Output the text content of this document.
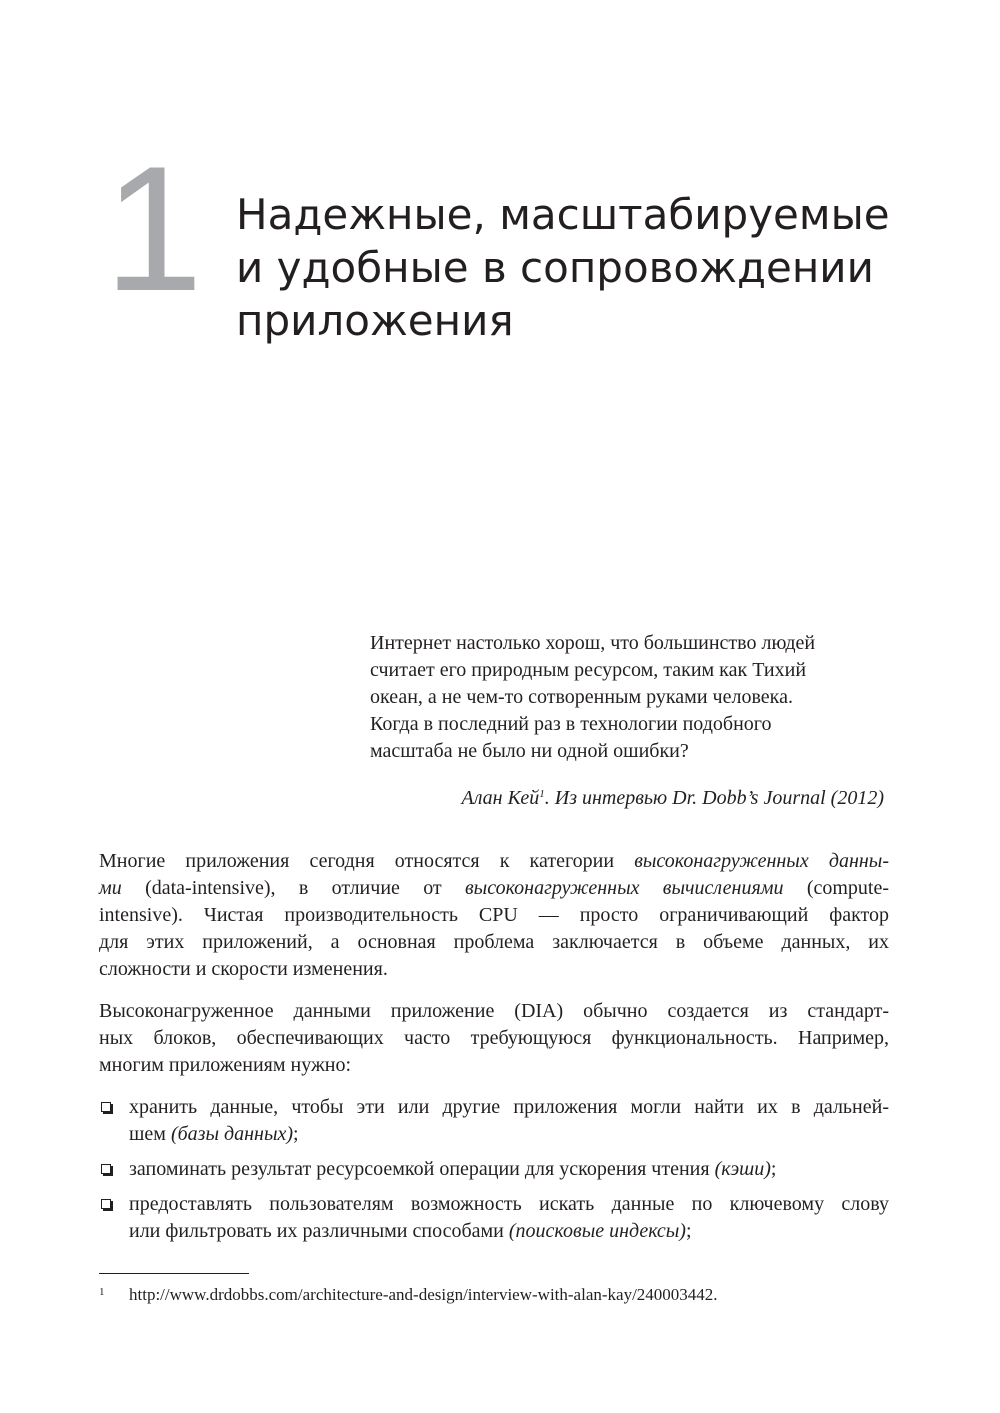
1 Надежные, масштабируемые
и удобные в сопровождении
приложения
Интернет настолько хорош, что большинство людей
считает его природным ресурсом, таким как Тихий
океан, а не чем-то сотворенным руками человека.
Когда в последний раз в технологии подобного
масштаба не было ни одной ошибки?
Алан Кей$^1$. Из интервью Dr. Dobb’s Journal (2012)
Многие приложения сегодня относятся к категории высоконагруженных данны-
ми (data-intensive), в отличие от высоконагруженных вычислениями (compute-
intensive). Чистая производительность CPU — просто ограничивающий фактор
для этих приложений, а основная проблема заключается в объеме данных, их
сложности и скорости изменения.
Высоконагруженное данными приложение (DIA) обычно создается из стандарт-
ных блоков, обеспечивающих часто требующуюся функциональность. Например,
многим приложениям нужно:
хранить данные, чтобы эти или другие приложения могли найти их в дальней-
шем (базы данных);
запоминать результат ресурсоемкой операции для ускорения чтения (кэши);
предоставлять пользователям возможность искать данные по ключевому слову
или фильтровать их различными способами (поисковые индексы);
1 http://www.drdobbs.com/architecture-and-design/interview-with-alan-kay/240003442.
